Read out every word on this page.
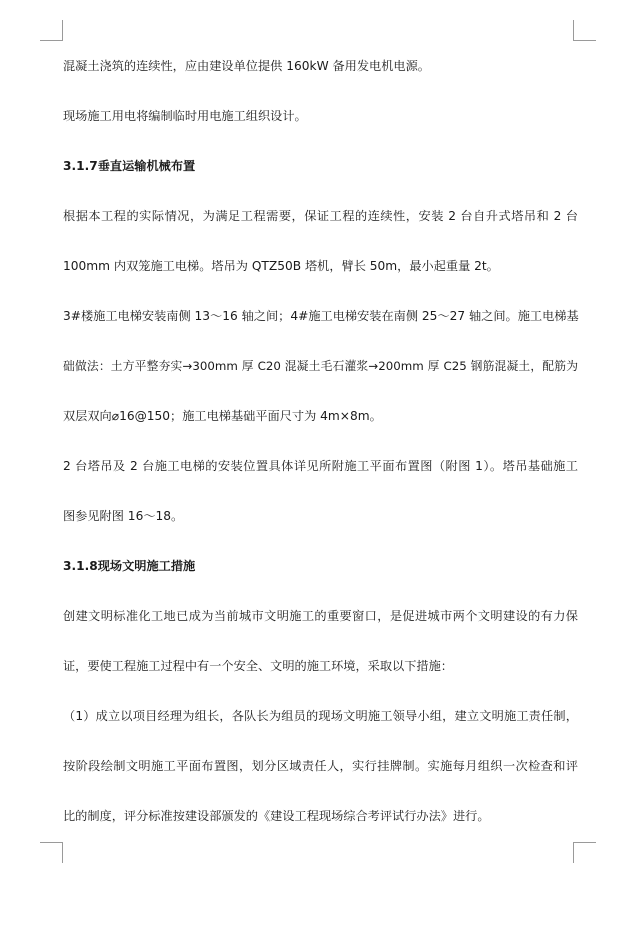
混凝土浇筑的连续性，应由建设单位提供 160kW 备用发电机电源。
现场施工用电将编制临时用电施工组织设计。
3.1.7垂直运输机械布置
根据本工程的实际情况，为满足工程需要，保证工程的连续性，安装 2 台自升式塔吊和 2 台
100mm 内双笼施工电梯。塔吊为 QTZ50B 塔机，臂长 50m，最小起重量 2t。
3#楼施工电梯安装南侧 13～16 轴之间；4#施工电梯安装在南侧 25～27 轴之间。施工电梯基
础做法：土方平整夯实→300mm 厚 C20 混凝土毛石灌浆→200mm 厚 C25 钢筋混凝土，配筋为
双层双向⌀16@150；施工电梯基础平面尺寸为 4m×8m。
2 台塔吊及 2 台施工电梯的安装位置具体详见所附施工平面布置图（附图 1）。塔吊基础施工
图参见附图 16～18。
3.1.8现场文明施工措施
创建文明标准化工地已成为当前城市文明施工的重要窗口，是促进城市两个文明建设的有力保
证，要使工程施工过程中有一个安全、文明的施工环境，采取以下措施：
（1）成立以项目经理为组长，各队长为组员的现场文明施工领导小组，建立文明施工责任制，
按阶段绘制文明施工平面布置图，划分区域责任人，实行挂牌制。实施每月组织一次检查和评
比的制度，评分标准按建设部颁发的《建设工程现场综合考评试行办法》进行。
